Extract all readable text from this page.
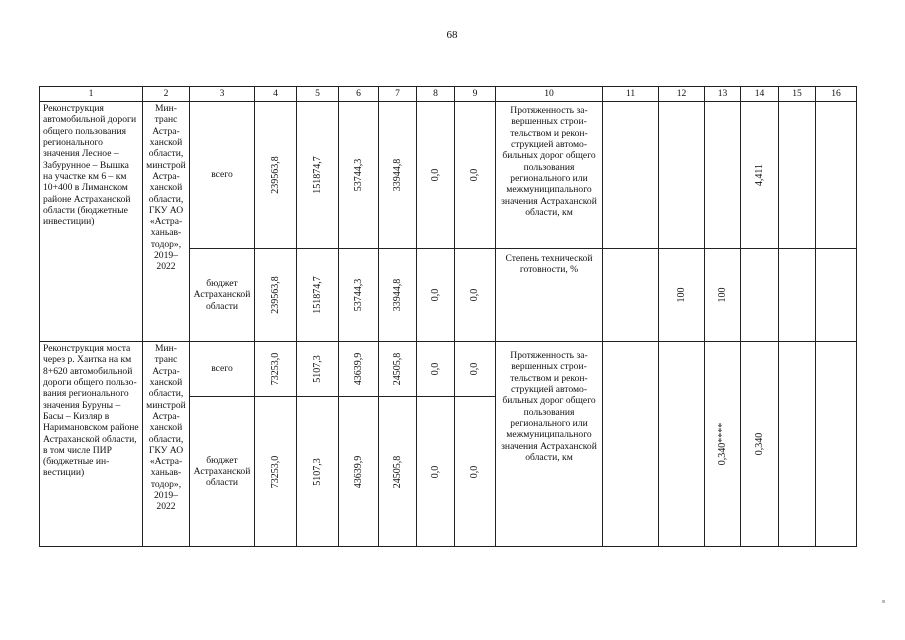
68
1	2	3	4	5	6	7	8	9	10	11	12	13	14	15	16

Реконструкция автомобильной дороги общего пользования регионального значения Лесное – Забурунное – Вышка на участке км 6 – км 10+400 в Лиманском районе Астраханской области (бюджетные инвестиции)	Минтранс Астраханской области, минстрой Астраханской области, ГКУ АО «Астраханьавтодор», 2019–2022	всего	239563,8	151874,7	53744,3	33944,8	0,0	0,0	Протяженность завершенных строительством и реконструкцией автомобильных дорог общего пользования регионального или межмуниципального значения Астраханской области, км				4,411		

		бюджет Астраханской области	239563,8	151874,7	53744,3	33944,8	0,0	0,0	Степень технической готовности, %		100	100			

Реконструкция моста через р. Хаитка на км 8+620 автомобильной дороги общего пользования регионального значения Буруны – Басы – Кизляр в Наримановском районе Астраханской области, в том числе ПИР (бюджетные инвестиции)	Минтранс Астраханской области, минстрой Астраханской области, ГКУ АО «Астраханьавтодор», 2019–2022	всего	73253,0	5107,3	43639,9	24505,8	0,0	0,0	Протяженность завершенных строительством и реконструкцией автомобильных дорог общего пользования регионального или межмуниципального значения Астраханской области, км			0,340****	0,340		

		бюджет Астраханской области	73253,0	5107,3	43639,9	24505,8	0,0	0,0							
